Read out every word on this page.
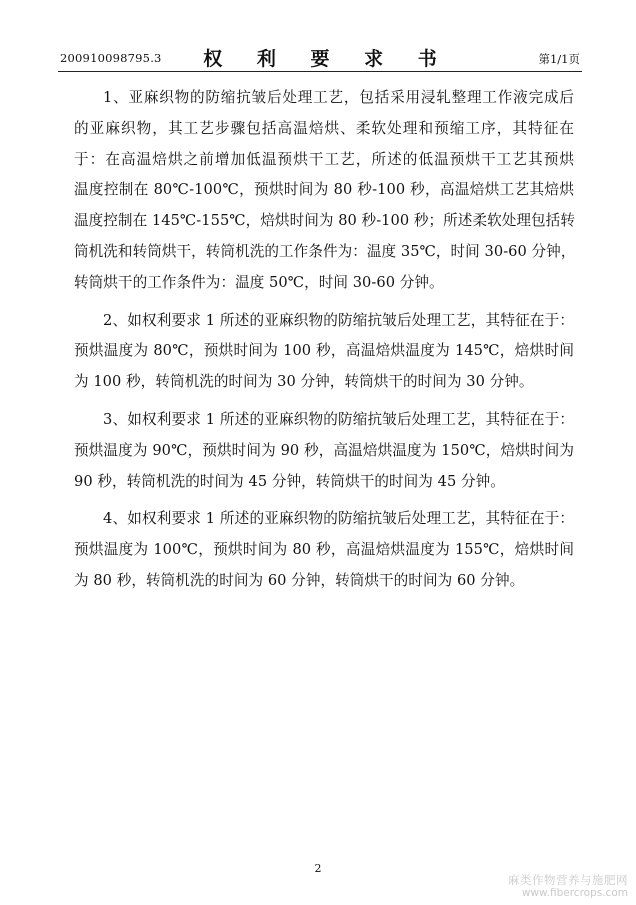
200910098795.3	权 利 要 求 书	第1/1页
1、亚麻织物的防缩抗皱后处理工艺，包括采用浸轧整理工作液完成后
的亚麻织物，其工艺步骤包括高温焙烘、柔软处理和预缩工序，其特征在
于：在高温焙烘之前增加低温预烘干工艺，所述的低温预烘干工艺其预烘
温度控制在 80℃-100℃，预烘时间为 80 秒-100 秒，高温焙烘工艺其焙烘
温度控制在 145℃-155℃，焙烘时间为 80 秒-100 秒；所述柔软处理包括转
筒机洗和转筒烘干，转筒机洗的工作条件为：温度 35℃，时间 30-60 分钟，
转筒烘干的工作条件为：温度 50℃，时间 30-60 分钟。
2、如权利要求 1 所述的亚麻织物的防缩抗皱后处理工艺，其特征在于：
预烘温度为 80℃，预烘时间为 100 秒，高温焙烘温度为 145℃，焙烘时间
为 100 秒，转筒机洗的时间为 30 分钟，转筒烘干的时间为 30 分钟。
3、如权利要求 1 所述的亚麻织物的防缩抗皱后处理工艺，其特征在于：
预烘温度为 90℃，预烘时间为 90 秒，高温焙烘温度为 150℃，焙烘时间为
90 秒，转筒机洗的时间为 45 分钟，转筒烘干的时间为 45 分钟。
4、如权利要求 1 所述的亚麻织物的防缩抗皱后处理工艺，其特征在于：
预烘温度为 100℃，预烘时间为 80 秒，高温焙烘温度为 155℃，焙烘时间
为 80 秒，转筒机洗的时间为 60 分钟，转筒烘干的时间为 60 分钟。
2
麻类作物营养与施肥网
www.fibercrops.com
